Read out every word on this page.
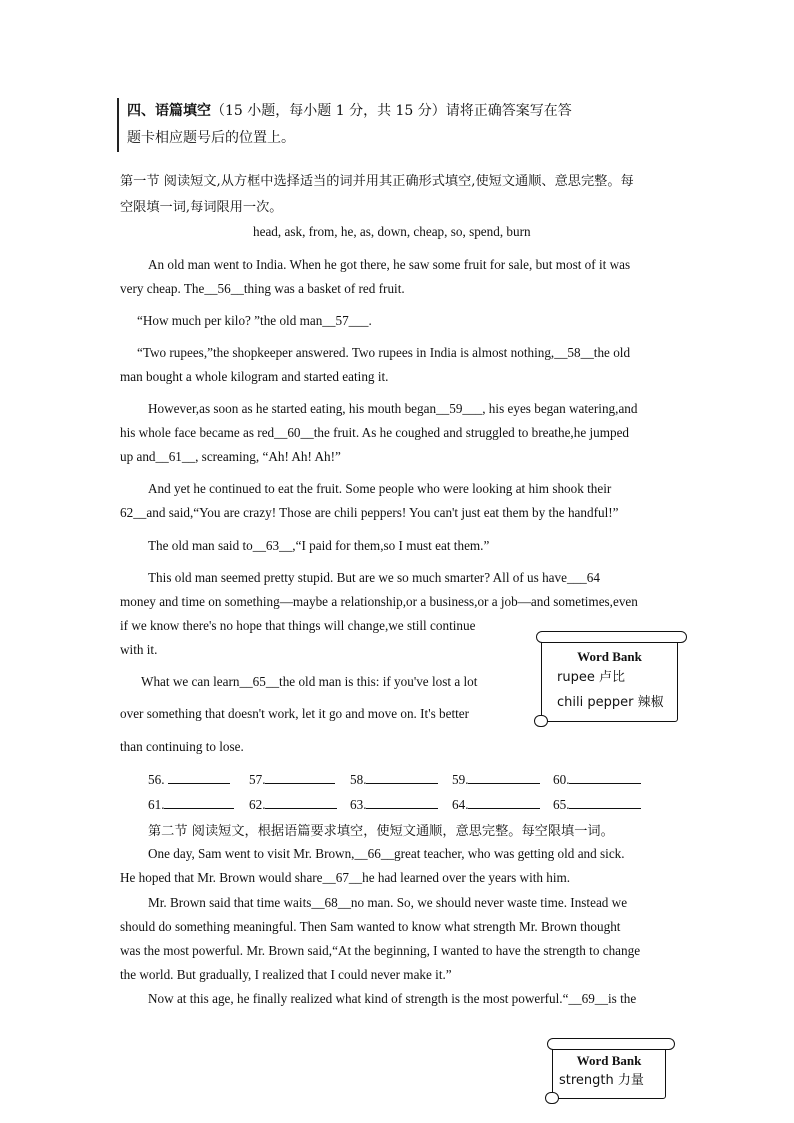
四、语篇填空（15 小题，每小题 1 分，共 15 分）请将正确答案写在答
题卡相应题号后的位置上。
第一节 阅读短文,从方框中选择适当的词并用其正确形式填空,使短文通顺、意思完整。每
空限填一词,每词限用一次。
head, ask, from, he, as, down, cheap, so, spend, burn
An old man went to India. When he got there, he saw some fruit for sale, but most of it was
very cheap. The__56__thing was a basket of red fruit.
“How much per kilo? ”the old man__57___.
“Two rupees,”the shopkeeper answered. Two rupees in India is almost nothing,__58__the old
man bought a whole kilogram and started eating it.
However,as soon as he started eating, his mouth began__59___, his eyes began watering,and
his whole face became as red__60__the fruit. As he coughed and struggled to breathe,he jumped
up and__61__, screaming, “Ah! Ah! Ah!”
And yet he continued to eat the fruit. Some people who were looking at him shook their
62__and said,“You are crazy! Those are chili peppers! You can't just eat them by the handful!”
The old man said to__63__,“I paid for them,so I must eat them.”
This old man seemed pretty stupid. But are we so much smarter? All of us have___64
money and time on something—maybe a relationship,or a business,or a job—and sometimes,even
if we know there's no hope that things will change,we still continue
with it.
What we can learn__65__the old man is this: if you've lost a lot
over something that doesn't work, let it go and move on. It's better
than continuing to lose.
Word Bank
rupee 卢比
chili pepper 辣椒
56.	57.	58.	59.	60.
61.	62.	63.	64.	65.
第二节 阅读短文，根据语篇要求填空，使短文通顺，意思完整。每空限填一词。
One day, Sam went to visit Mr. Brown,__66__great teacher, who was getting old and sick.
He hoped that Mr. Brown would share__67__he had learned over the years with him.
Mr. Brown said that time waits__68__no man. So, we should never waste time. Instead we
should do something meaningful. Then Sam wanted to know what strength Mr. Brown thought
was the most powerful. Mr. Brown said,“At the beginning, I wanted to have the strength to change
the world. But gradually, I realized that I could never make it.”
Now at this age, he finally realized what kind of strength is the most powerful.“__69__is the
Word Bank
strength 力量
